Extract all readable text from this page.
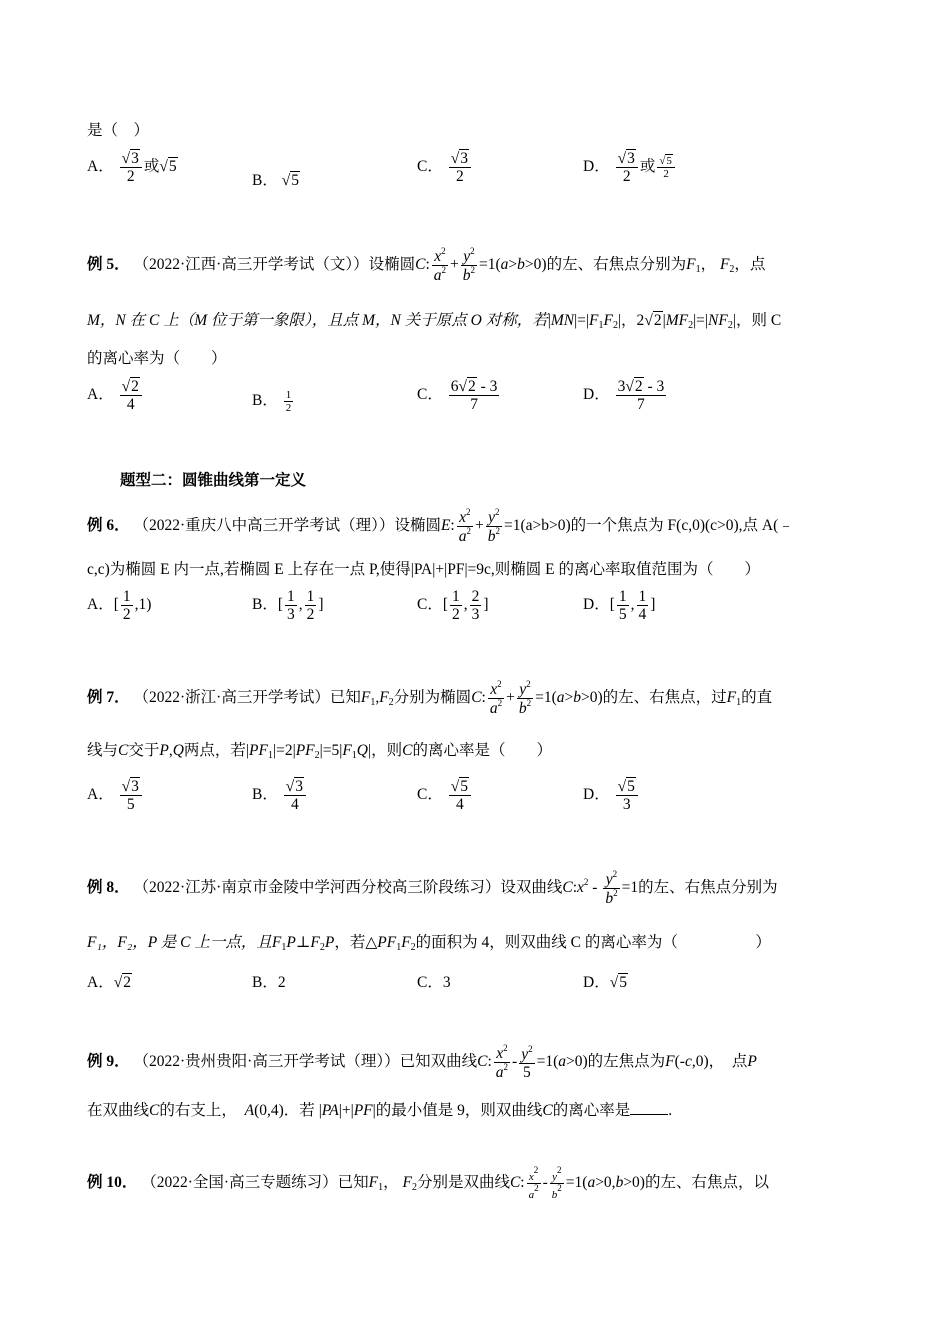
是（　）
A． $\frac{√3}{2}$ 或√5
B． √5
C． $\frac{√3}{2}$	D． $\frac{√3}{2}$ 或 $\frac{√5}{2}$
例 5． （2022·江西·高三开学考试（文））设椭圆C: $\frac{x^2}{a^2} + \frac{y^2}{b^2} =1(a>b>0)$的左、右焦点分别为$F_1$， $F_2$，点
M，N 在 C 上（M 位于第一象限），且点 M，N 关于原点 O 对称，若$|MN|=|F_1F_2|$，$2√2|MF_2|=|NF_2|$，则 C
的离心率为（　　）
A． $\frac{√2}{4}$	B． $\frac{1}{2}$	C． $\frac{6√2 - 3}{7}$	D． $\frac{3√2 - 3}{7}$
题型二：圆锥曲线第一定义
例 6． （2022·重庆八中高三开学考试（理））设椭圆E: $\frac{x^2}{a^2} + \frac{y^2}{b^2} =1(a>b>0)$的一个焦点为 F(c,0)(c>0),点 A(﹣
c,c)为椭圆 E 内一点,若椭圆 E 上存在一点 P,使得|PA|+|PF|=9c,则椭圆 E 的离心率取值范围为（　　）
A．[ $\frac{1}{2} ,1$)	B．[ $\frac{1}{3}$ , $\frac{1}{2}$ ]	C．[ $\frac{1}{2}$ , $\frac{2}{3}$ ]	D．[ $\frac{1}{5}$ , $\frac{1}{4}$ ]
例 7． （2022·浙江·高三开学考试）已知$F_1,F_2$分别为椭圆C: $\frac{x^2}{a^2} + \frac{y^2}{b^2} =1(a>b>0)$的左、右焦点，过$F_1$的直
线与C交于P,Q两点，若$|PF_1|=2|PF_2|=5|F_1Q|$，则C的离心率是（　　）
A． $\frac{√3}{5}$	B． $\frac{√3}{4}$	C． $\frac{√5}{4}$	D． $\frac{√5}{3}$
例 8． （2022·江苏·南京市金陵中学河西分校高三阶段练习）设双曲线$C:x^2 - \frac{y^2}{b^2} =1$的左、右焦点分别为
F₁，F₂，P 是 C 上一点，且$F_1P\perp F_2P$，若$\triangle PF_1F_2$的面积为 4，则双曲线 C 的离心率为（　　　　　）
A．√2	B．2	C．3	D．√5
例 9． （2022·贵州贵阳·高三开学考试（理））已知双曲线C: $\frac{x^2}{a^2} - \frac{y^2}{5} =1(a>0)$的左焦点为F(-c,0)，  点P
在双曲线C的右支上， A(0,4)．若 |PA|+|PF|的最小值是 9，则双曲线C的离心率是 .
例 10． （2022·全国·高三专题练习）已知$F_1$， $F_2$分别是双曲线C: $\frac{x^2}{a^2} - \frac{y^2}{b^2} =1(a>0,b>0)$的左、右焦点，以
